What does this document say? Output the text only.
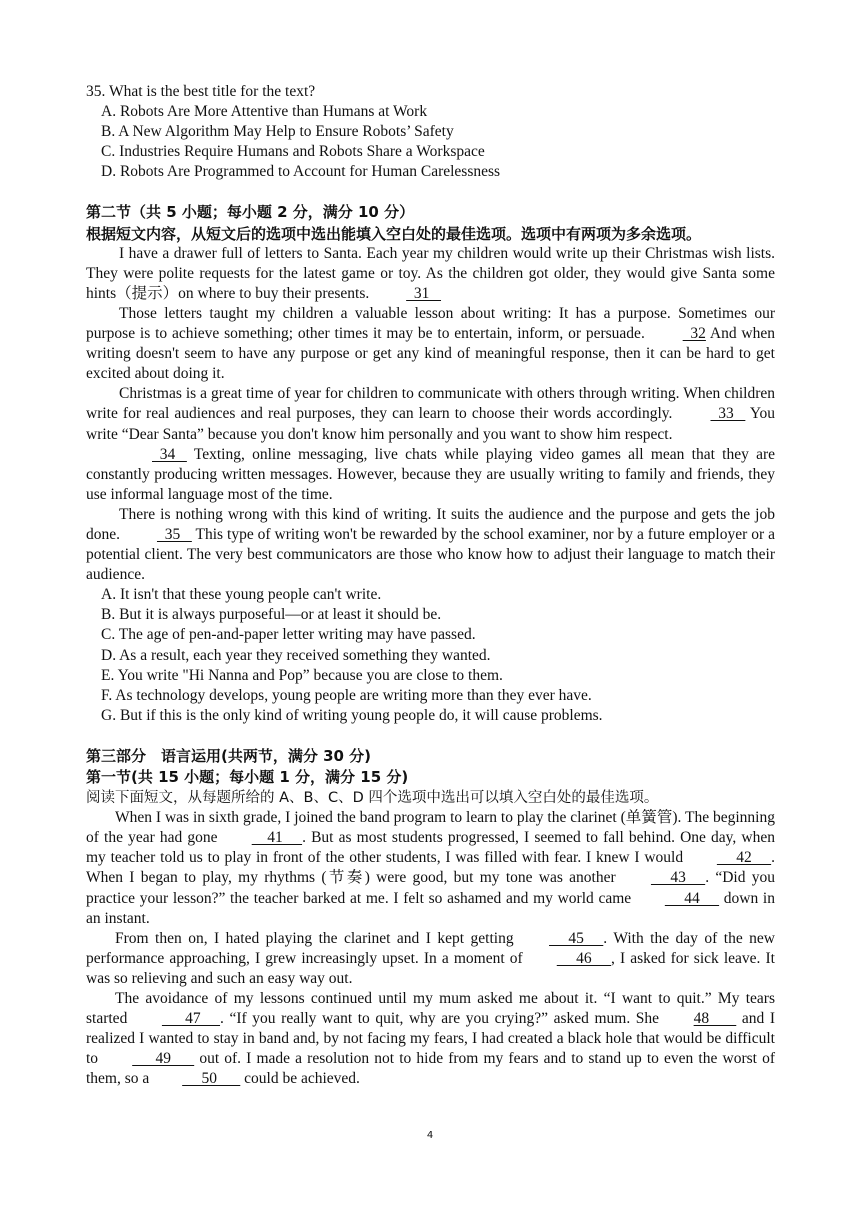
35. What is the best title for the text?

A. Robots Are More Attentive than Humans at Work

B. A New Algorithm May Help to Ensure Robots’ Safety

C. Industries Require Humans and Robots Share a Workspace

D. Robots Are Programmed to Account for Human Carelessness

第二节（共 5 小题；每小题 2 分，满分 10 分）

根据短文内容，从短文后的选项中选出能填入空白处的最佳选项。选项中有两项为多余选项。

I have a drawer full of letters to Santa. Each year my children would write up their Christmas wish lists. They were polite requests for the latest game or toy. As the children got older, they would give Santa some hints（提示）on where to buy their presents.   31

Those letters taught my children a valuable lesson about writing: It has a purpose. Sometimes our purpose is to achieve something; other times it may be to entertain, inform, or persuade.   32 And when writing doesn't seem to have any purpose or get any kind of meaningful response, then it can be hard to get excited about doing it.

Christmas is a great time of year for children to communicate with others through writing. When children write for real audiences and real purposes, they can learn to choose their words accordingly.   33    You write “Dear Santa” because you don't know him personally and you want to show him respect.

34    Texting, online messaging, live chats while playing video games all mean that they are constantly producing written messages. However, because they are usually writing to family and friends, they use informal language most of the time.

There is nothing wrong with this kind of writing. It suits the audience and the purpose and gets the job done.   35    This type of writing won't be rewarded by the school examiner, nor by a future employer or a potential client. The very best communicators are those who know how to adjust their language to match their audience.

A. It isn't that these young people can't write.

B. But it is always purposeful—or at least it should be.

C. The age of pen-and-paper letter writing may have passed.

D. As a result, each year they received something they wanted.

E. You write "Hi Nanna and Pop” because you are close to them.

F. As technology develops, young people are writing more than they ever have.

G. But if this is the only kind of writing young people do, it will cause problems.

第三部分　语言运用(共两节，满分 30 分)

第一节(共 15 小题；每小题 1 分，满分 15 分)

阅读下面短文，从每题所给的 A、B、C、D 四个选项中选出可以填入空白处的最佳选项。

When I was in sixth grade, I joined the band program to learn to play the clarinet (单簧管). The beginning of the year had gone     41     . But as most students progressed, I seemed to fall behind. One day, when my teacher told us to play in front of the other students, I was filled with fear. I knew I would      42     . When I began to play, my rhythms (节奏) were good, but my tone was another      43     . “Did you practice your lesson?” the teacher barked at me. I felt so ashamed and my world came      44      down in an instant.

From then on, I hated playing the clarinet and I kept getting      45     . With the day of the new performance approaching, I grew increasingly upset. In a moment of      46     , I asked for sick leave. It was so relieving and such an easy way out.

The avoidance of my lessons continued until my mum asked me about it. “I want to quit.” My tears started       47     . “If you really want to quit, why are you crying?” asked mum. She 48        and I realized I wanted to stay in band and, by not facing my fears, I had created a black hole that would be difficult to       49       out of. I made a resolution not to hide from my fears and to stand up to even the worst of them, so a      50       could be achieved.

4
